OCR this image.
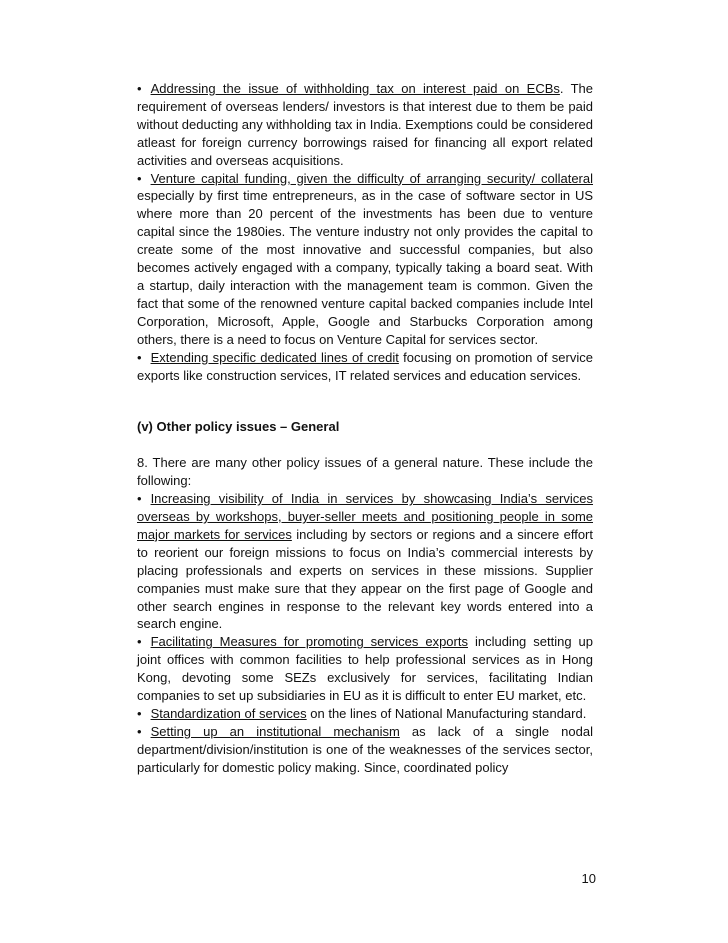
• Addressing the issue of withholding tax on interest paid on ECBs. The requirement of overseas lenders/ investors is that interest due to them be paid without deducting any withholding tax in India. Exemptions could be considered atleast for foreign currency borrowings raised for financing all export related activities and overseas acquisitions.

• Venture capital funding, given the difficulty of arranging security/ collateral especially by first time entrepreneurs, as in the case of software sector in US where more than 20 percent of the investments has been due to venture capital since the 1980ies. The venture industry not only provides the capital to create some of the most innovative and successful companies, but also becomes actively engaged with a company, typically taking a board seat. With a startup, daily interaction with the management team is common. Given the fact that some of the renowned venture capital backed companies include Intel Corporation, Microsoft, Apple, Google and Starbucks Corporation among others, there is a need to focus on Venture Capital for services sector.

• Extending specific dedicated lines of credit focusing on promotion of service exports like construction services, IT related services and education services.

(v) Other policy issues – General

8. There are many other policy issues of a general nature. These include the following:

• Increasing visibility of India in services by showcasing India’s services overseas by workshops, buyer-seller meets and positioning people in some major markets for services including by sectors or regions and a sincere effort to reorient our foreign missions to focus on India’s commercial interests by placing professionals and experts on services in these missions. Supplier companies must make sure that they appear on the first page of Google and other search engines in response to the relevant key words entered into a search engine.

• Facilitating Measures for promoting services exports including setting up joint offices with common facilities to help professional services as in Hong Kong, devoting some SEZs exclusively for services, facilitating Indian companies to set up subsidiaries in EU as it is difficult to enter EU market, etc.

• Standardization of services on the lines of National Manufacturing standard.

• Setting up an institutional mechanism as lack of a single nodal department/division/institution is one of the weaknesses of the services sector, particularly for domestic policy making. Since, coordinated policy

10
